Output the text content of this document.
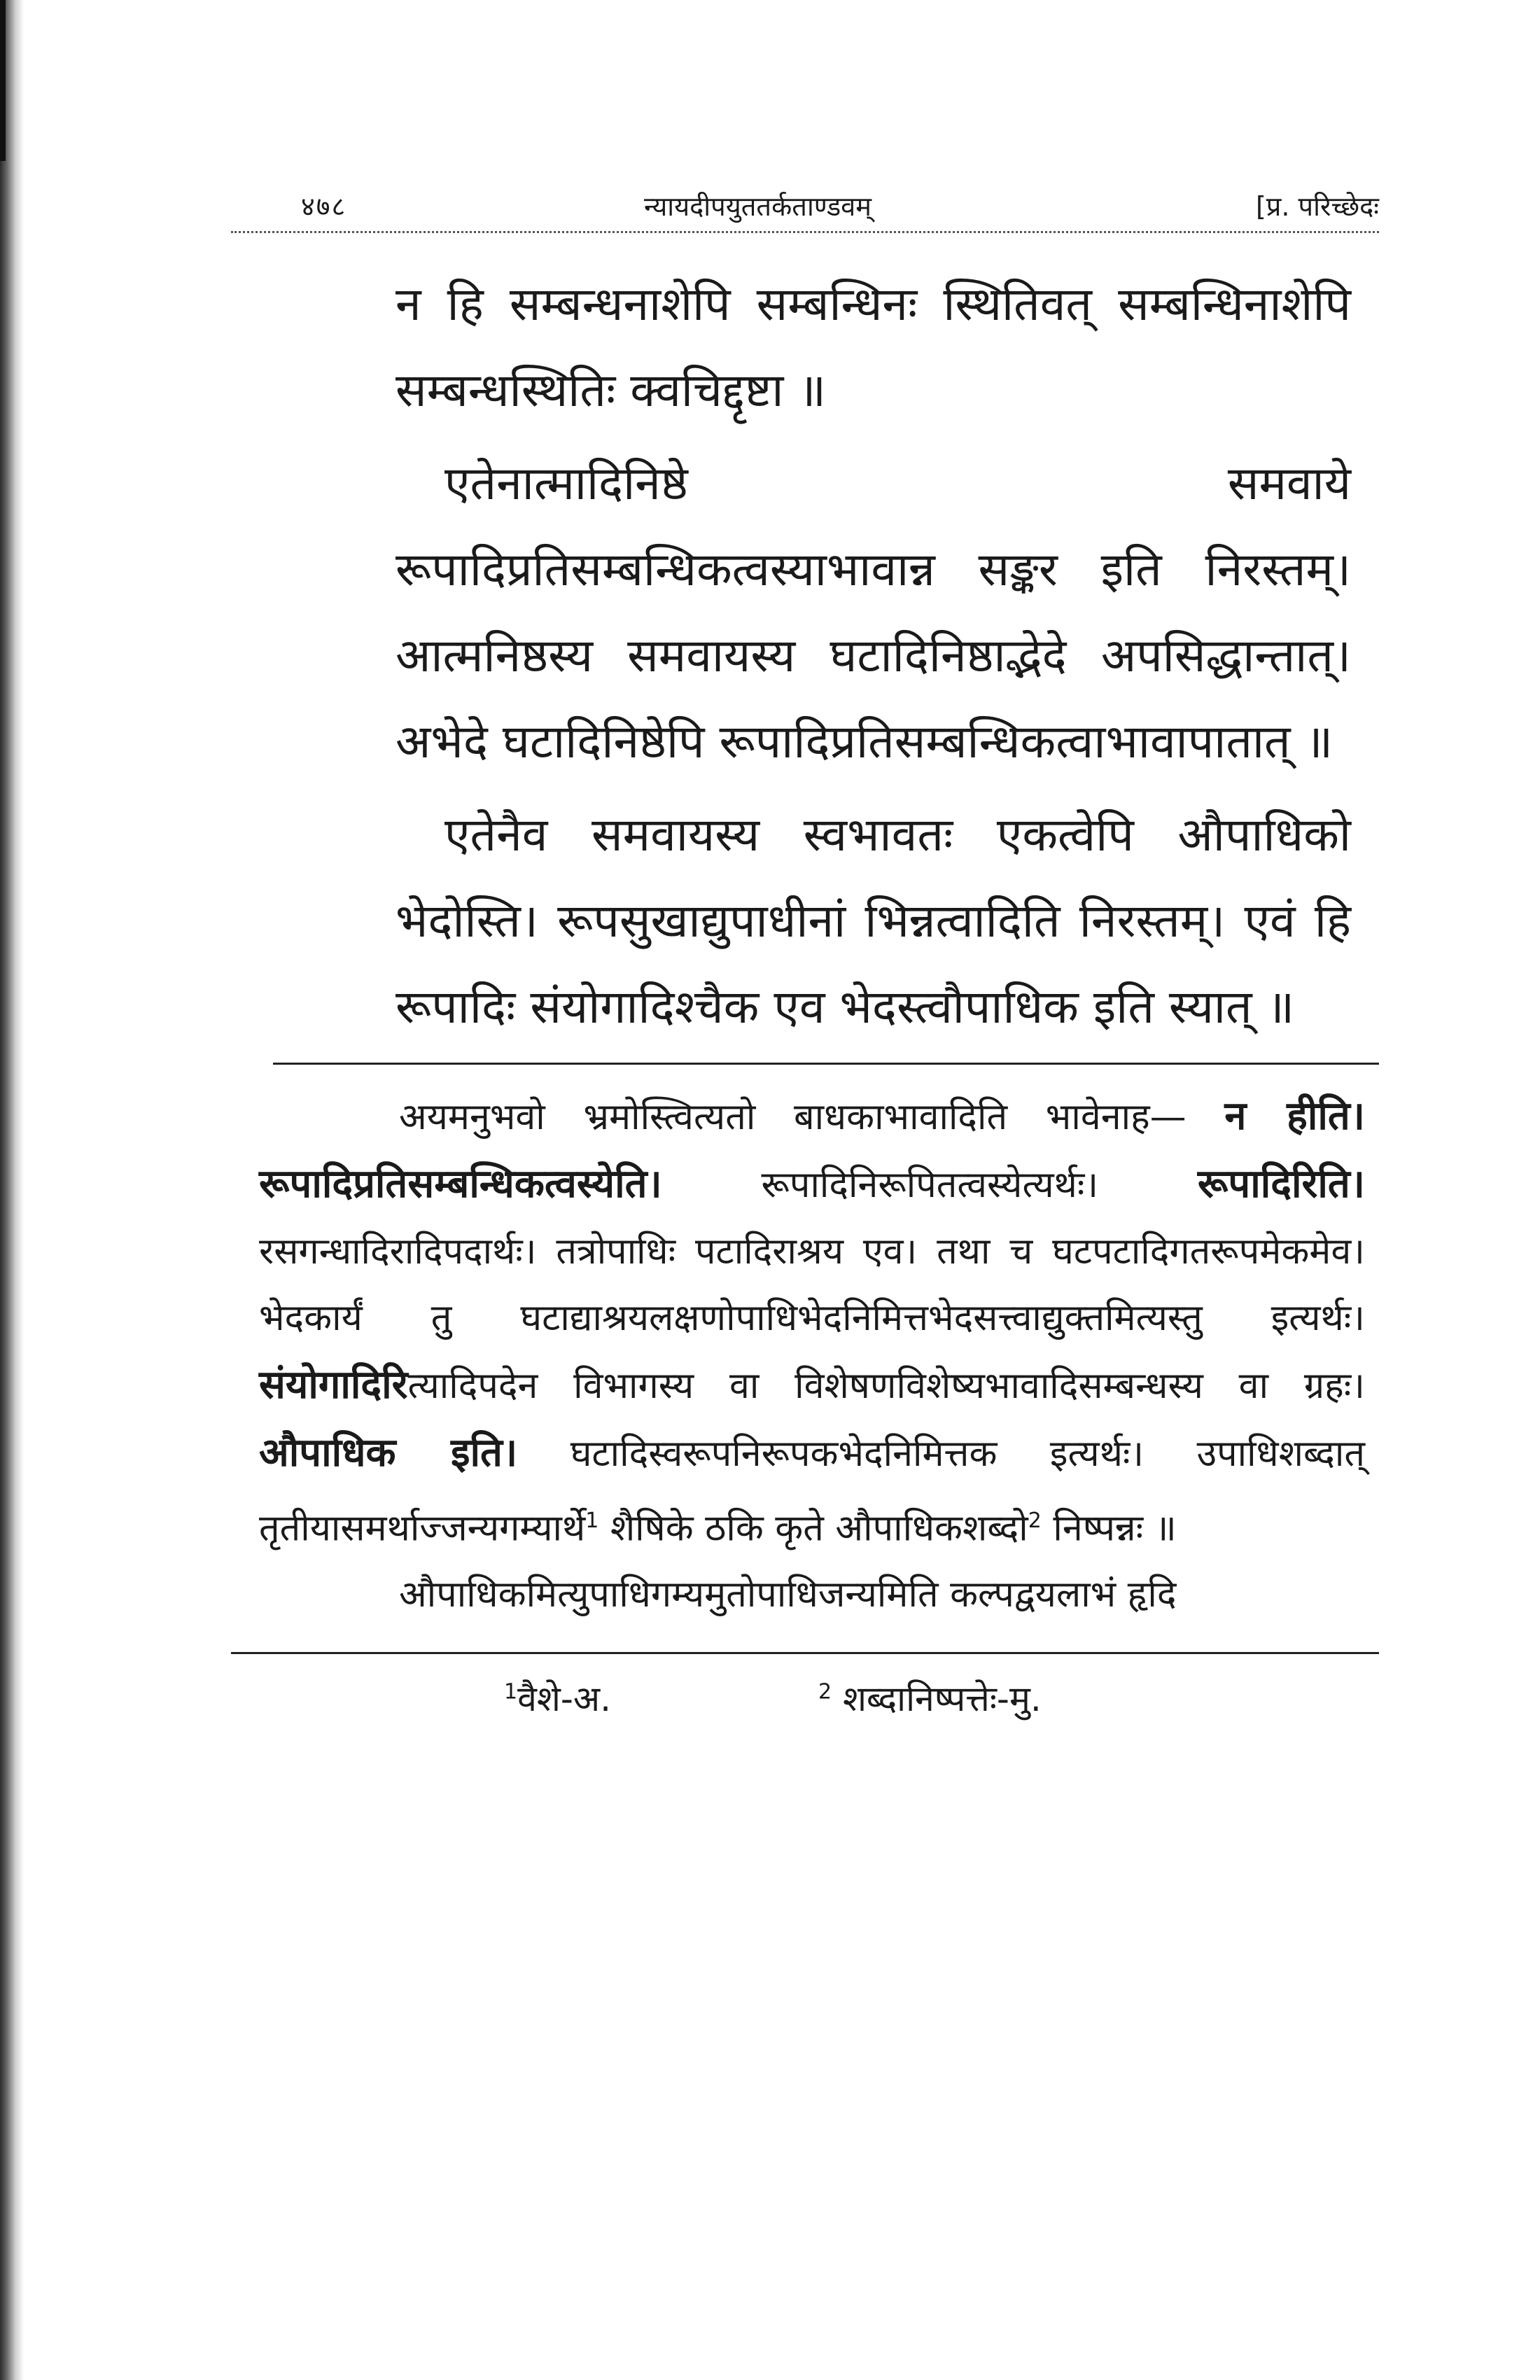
४७८	न्यायदीपयुततर्कताण्डवम्	[प्र. परिच्छेदः

न हि सम्बन्धनाशेपि सम्बन्धिनः स्थितिवत् सम्बन्धिनाशेपि सम्बन्धस्थितिः क्वचिद्दृष्टा ॥

एतेनात्मादिनिष्ठे समवाये रूपादिप्रतिसम्बन्धिकत्वस्याभावान्न सङ्कर इति निरस्तम्। आत्मनिष्ठस्य समवायस्य घटादिनिष्ठाद्भेदे अपसिद्धान्तात्। अभेदे घटादिनिष्ठेपि रूपादिप्रतिसम्बन्धिकत्वाभावापातात् ॥

एतेनैव समवायस्य स्वभावतः एकत्वेपि औपाधिको भेदोस्ति। रूपसुखाद्युपाधीनां भिन्नत्वादिति निरस्तम्। एवं हि रूपादिः संयोगादिश्चैक एव भेदस्त्वौपाधिक इति स्यात् ॥

अयमनुभवो भ्रमोस्त्वित्यतो बाधकाभावादिति भावेनाह— न हीति। रूपादिप्रतिसम्बन्धिकत्वस्येति।	रूपादिनिरूपितत्वस्येत्यर्थः।	रूपादिरिति। रसगन्धादिरादिपदार्थः। तत्रोपाधिः पटादिराश्रय एव। तथा च घटपटादिगतरूपमेकमेव। भेदकार्यं तु घटाद्याश्रयलक्षणोपाधिभेदनिमित्तभेदसत्त्वाद्युक्तमित्यस्तु इत्यर्थः। संयोगादिरित्यादिपदेन विभागस्य वा विशेषणविशेष्यभावादिसम्बन्धस्य वा ग्रहः। औपाधिक इति। घटादिस्वरूपनिरूपकभेदनिमित्तक इत्यर्थः। उपाधिशब्दात् तृतीयासमर्थाज्जन्यगम्यार्थे$^1$ शैषिके ठकि कृते औपाधिकशब्दो$^2$ निष्पन्नः ॥

औपाधिकमित्युपाधिगम्यमुतोपाधिजन्यमिति कल्पद्वयलाभं हृदि

$^1$वैशे-अ.	$^2$ शब्दानिष्पत्तेः-मु.
